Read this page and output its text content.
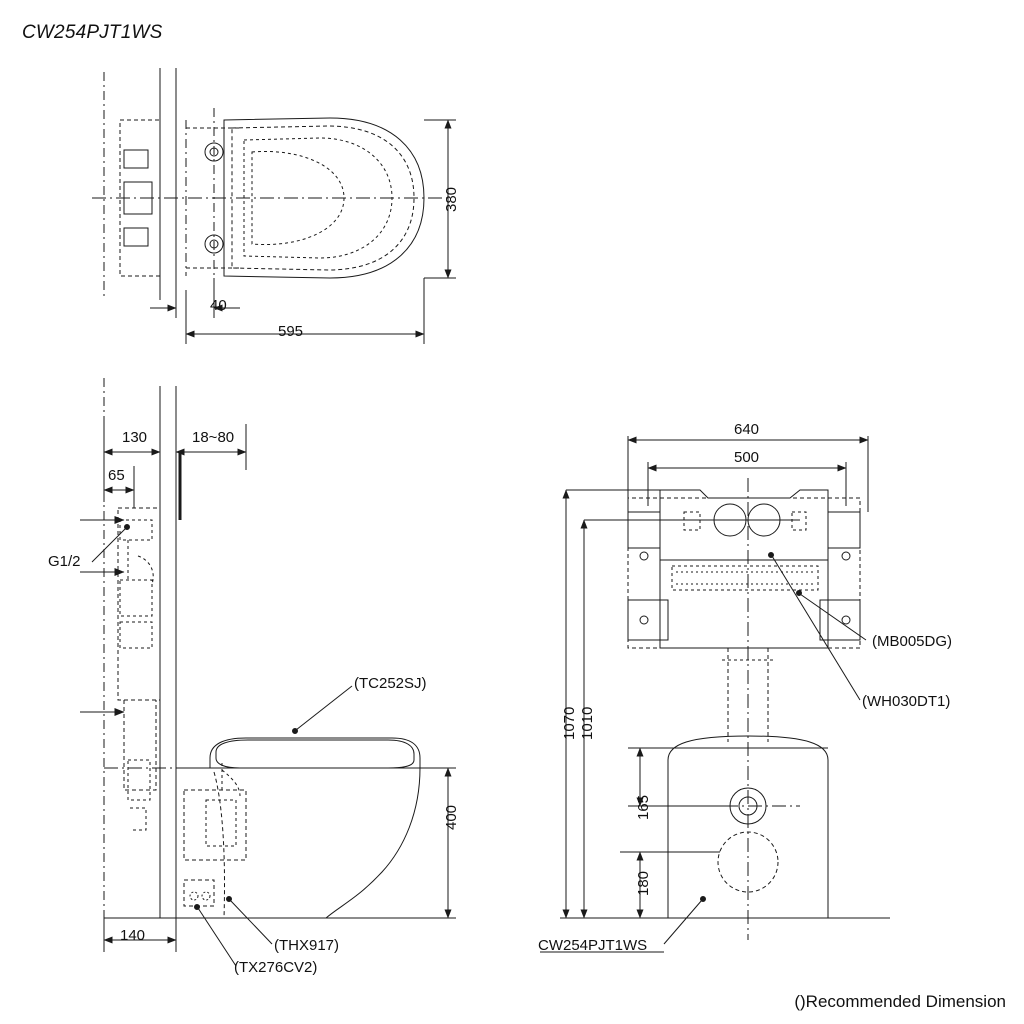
CW254PJT1WS
380
40
595
130	18~80
65
400
140
G1/2
(TC252SJ)
(THX917)
(TX276CV2)
640
500
1070 1010
165
180
(MB005DG)
(WH030DT1)
CW254PJT1WS
()Recommended Dimension
